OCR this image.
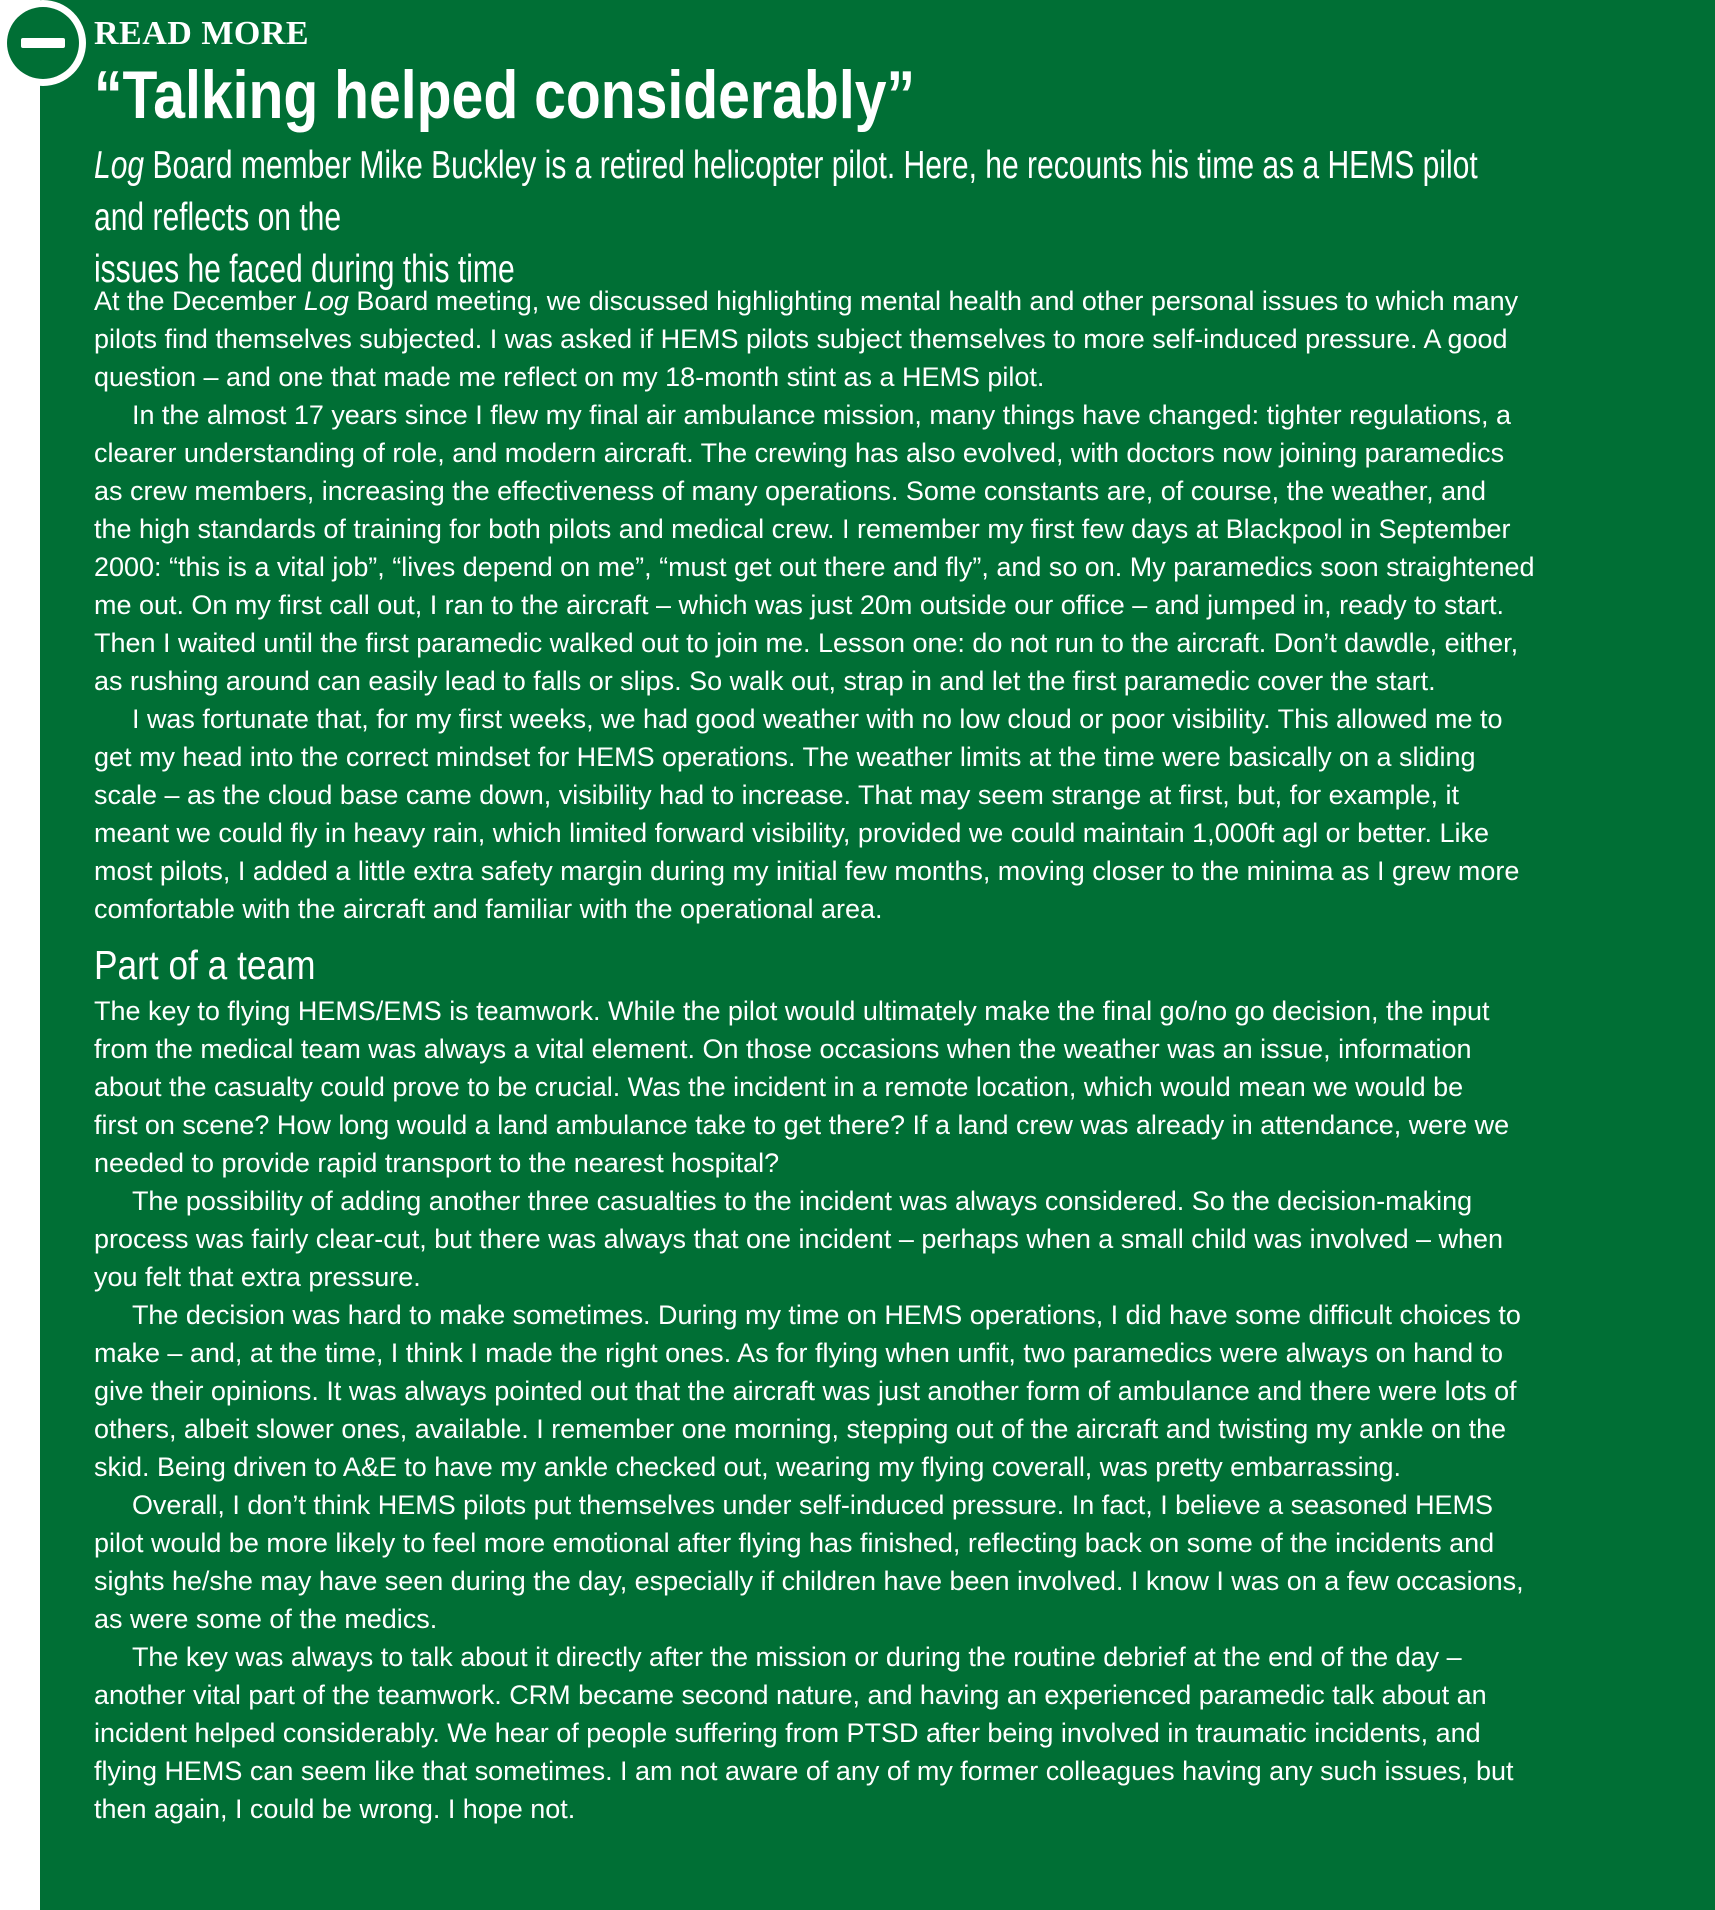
READ MORE
“Talking helped considerably”
Log Board member Mike Buckley is a retired helicopter pilot. Here, he recounts his time as a HEMS pilot and reflects on the
issues he faced during this time
At the December Log Board meeting, we discussed highlighting mental health and other personal issues to which many
pilots find themselves subjected. I was asked if HEMS pilots subject themselves to more self-induced pressure. A good
question – and one that made me reflect on my 18-month stint as a HEMS pilot.
In the almost 17 years since I flew my final air ambulance mission, many things have changed: tighter regulations, a
clearer understanding of role, and modern aircraft. The crewing has also evolved, with doctors now joining paramedics
as crew members, increasing the effectiveness of many operations. Some constants are, of course, the weather, and
the high standards of training for both pilots and medical crew. I remember my first few days at Blackpool in September
2000: “this is a vital job”, “lives depend on me”, “must get out there and fly”, and so on. My paramedics soon straightened
me out. On my first call out, I ran to the aircraft – which was just 20m outside our office – and jumped in, ready to start.
Then I waited until the first paramedic walked out to join me. Lesson one: do not run to the aircraft. Don’t dawdle, either,
as rushing around can easily lead to falls or slips. So walk out, strap in and let the first paramedic cover the start.
I was fortunate that, for my first weeks, we had good weather with no low cloud or poor visibility. This allowed me to
get my head into the correct mindset for HEMS operations. The weather limits at the time were basically on a sliding
scale – as the cloud base came down, visibility had to increase. That may seem strange at first, but, for example, it
meant we could fly in heavy rain, which limited forward visibility, provided we could maintain 1,000ft agl or better. Like
most pilots, I added a little extra safety margin during my initial few months, moving closer to the minima as I grew more
comfortable with the aircraft and familiar with the operational area.
Part of a team
The key to flying HEMS/EMS is teamwork. While the pilot would ultimately make the final go/no go decision, the input
from the medical team was always a vital element. On those occasions when the weather was an issue, information
about the casualty could prove to be crucial. Was the incident in a remote location, which would mean we would be
first on scene? How long would a land ambulance take to get there? If a land crew was already in attendance, were we
needed to provide rapid transport to the nearest hospital?
The possibility of adding another three casualties to the incident was always considered. So the decision-making
process was fairly clear-cut, but there was always that one incident – perhaps when a small child was involved – when
you felt that extra pressure.
The decision was hard to make sometimes. During my time on HEMS operations, I did have some difficult choices to
make – and, at the time, I think I made the right ones. As for flying when unfit, two paramedics were always on hand to
give their opinions. It was always pointed out that the aircraft was just another form of ambulance and there were lots of
others, albeit slower ones, available. I remember one morning, stepping out of the aircraft and twisting my ankle on the
skid. Being driven to A&E to have my ankle checked out, wearing my flying coverall, was pretty embarrassing.
Overall, I don’t think HEMS pilots put themselves under self-induced pressure. In fact, I believe a seasoned HEMS
pilot would be more likely to feel more emotional after flying has finished, reflecting back on some of the incidents and
sights he/she may have seen during the day, especially if children have been involved. I know I was on a few occasions,
as were some of the medics.
The key was always to talk about it directly after the mission or during the routine debrief at the end of the day –
another vital part of the teamwork. CRM became second nature, and having an experienced paramedic talk about an
incident helped considerably. We hear of people suffering from PTSD after being involved in traumatic incidents, and
flying HEMS can seem like that sometimes. I am not aware of any of my former colleagues having any such issues, but
then again, I could be wrong. I hope not.
